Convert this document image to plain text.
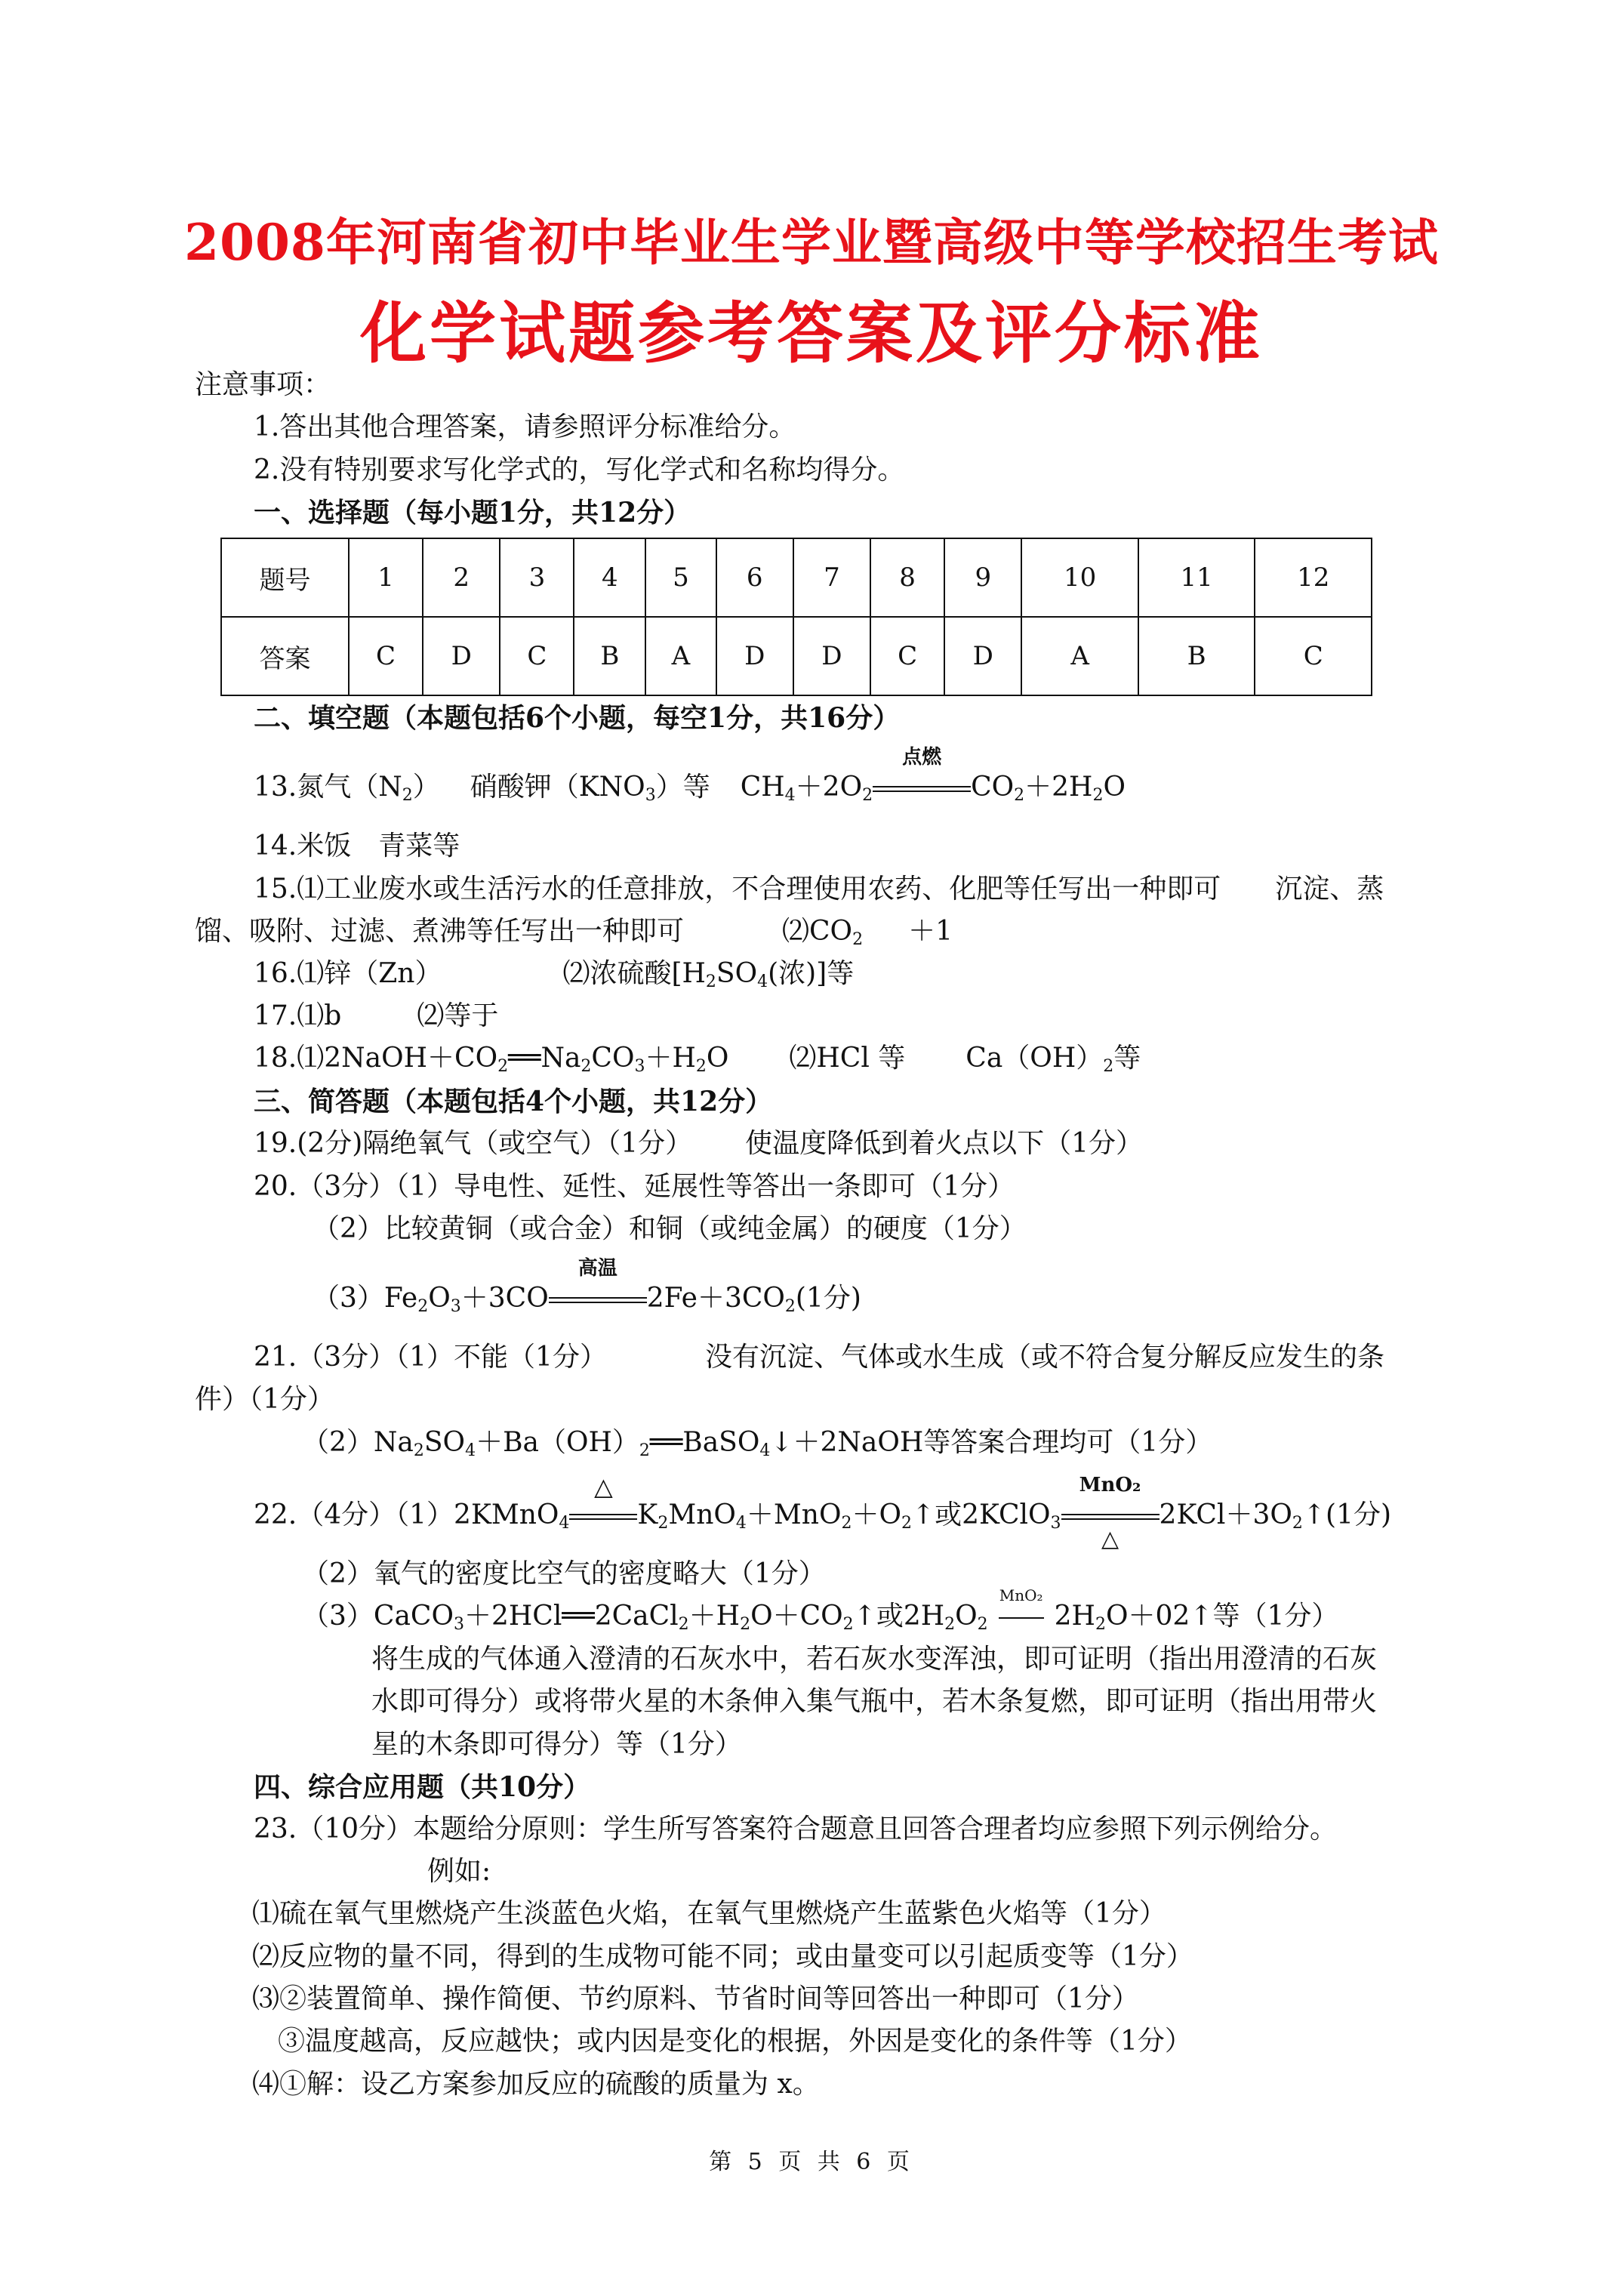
2008年河南省初中毕业生学业暨高级中等学校招生考试
化学试题参考答案及评分标准
注意事项：
1.答出其他合理答案，请参照评分标准给分。
2.没有特别要求写化学式的，写化学式和名称均得分。
一、选择题（每小题1分，共12分）
题号	1	2	3	4	5	6	7	8	9	10	11	12
答案	C	D	C	B	A	D	D	C	D	A	B	C
二、填空题（本题包括6个小题，每空1分，共16分）
13.氮气$(N_2)$ 硝酸钾$(KNO_3)$等 $CH_4+2O_2$
点燃
$CO_2+2H_2O$
14.米饭　青菜等
15.⑴工业废水或生活污水的任意排放，不合理使用农药、化肥等任写出一种即可　　沉淀、蒸
馏、吸附、过滤、煮沸等任写出一种即可	$⑵CO_2 +1$
16.⑴锌（Zn）	⑵浓硫酸[$H_2SO_4$(浓)]等
17.⑴b	⑵等于
$18.⑴2NaOH+CO_2══Na_2CO_3+H_2O$ ⑵HCl 等 $Ca(OH)_2$等
三、简答题（本题包括4个小题，共12分）
19.(2分)隔绝氧气（或空气）（1分） 使温度降低到着火点以下（1分）
20.（3分）（1）导电性、延性、延展性等答出一条即可（1分）
（2）比较黄铜（或合金）和铜（或纯金属）的硬度（1分）
$(3)Fe_2O_3+3CO$
高温
$2Fe+3CO_2(1$分)
21.（3分）（1）不能（1分）	没有沉淀、气体或水生成（或不符合复分解反应发生的条
件）（1分）
$(2)Na_2SO_4+Ba(OH)_2══BaSO_4↓+2NaOH$等答案合理均可（1分）
22.（4分）（1）2KMnO$_4$
△
$K_2MnO_4+MnO_2+O_2↑$或2KClO$_3$
MnO₂
△
$2KCl+3O_2↑(1$分)
（2）氧气的密度比空气的密度略大（1分）
$(3)CaCO_3+2HCl══2CaCl_2+H_2O+CO_2↑$或$2H_2O_2$
MnO₂
$2H_2O+02↑$等（1分）
将生成的气体通入澄清的石灰水中，若石灰水变浑浊，即可证明（指出用澄清的石灰
水即可得分）或将带火星的木条伸入集气瓶中，若木条复燃，即可证明（指出用带火
星的木条即可得分）等（1分）
四、综合应用题（共10分）
23.（10分）本题给分原则：学生所写答案符合题意且回答合理者均应参照下列示例给分。
例如:
⑴硫在氧气里燃烧产生淡蓝色火焰，在氧气里燃烧产生蓝紫色火焰等（1分）
⑵反应物的量不同，得到的生成物可能不同；或由量变可以引起质变等（1分）
⑶②装置简单、操作简便、节约原料、节省时间等回答出一种即可（1分）
③温度越高，反应越快；或内因是变化的根据，外因是变化的条件等（1分）
⑷①解：设乙方案参加反应的硫酸的质量为 x。
第 5 页 共 6 页
